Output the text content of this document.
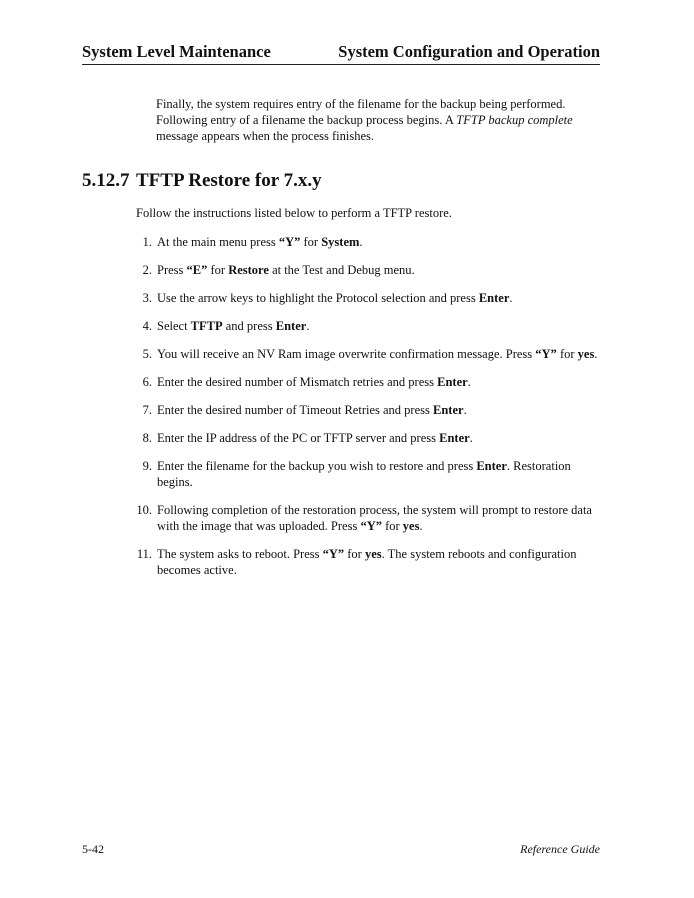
System Level Maintenance	System Configuration and Operation
Finally, the system requires entry of the filename for the backup being performed. Following entry of a filename the backup process begins. A TFTP backup complete message appears when the process finishes.
5.12.7 TFTP Restore for 7.x.y
Follow the instructions listed below to perform a TFTP restore.
1. At the main menu press “Y” for System.
2. Press “E” for Restore at the Test and Debug menu.
3. Use the arrow keys to highlight the Protocol selection and press Enter.
4. Select TFTP and press Enter.
5. You will receive an NV Ram image overwrite confirmation message. Press “Y” for yes.
6. Enter the desired number of Mismatch retries and press Enter.
7. Enter the desired number of Timeout Retries and press Enter.
8. Enter the IP address of the PC or TFTP server and press Enter.
9. Enter the filename for the backup you wish to restore and press Enter. Restoration begins.
10. Following completion of the restoration process, the system will prompt to restore data with the image that was uploaded. Press “Y” for yes.
11. The system asks to reboot. Press “Y” for yes. The system reboots and configuration becomes active.
5-42	Reference Guide
